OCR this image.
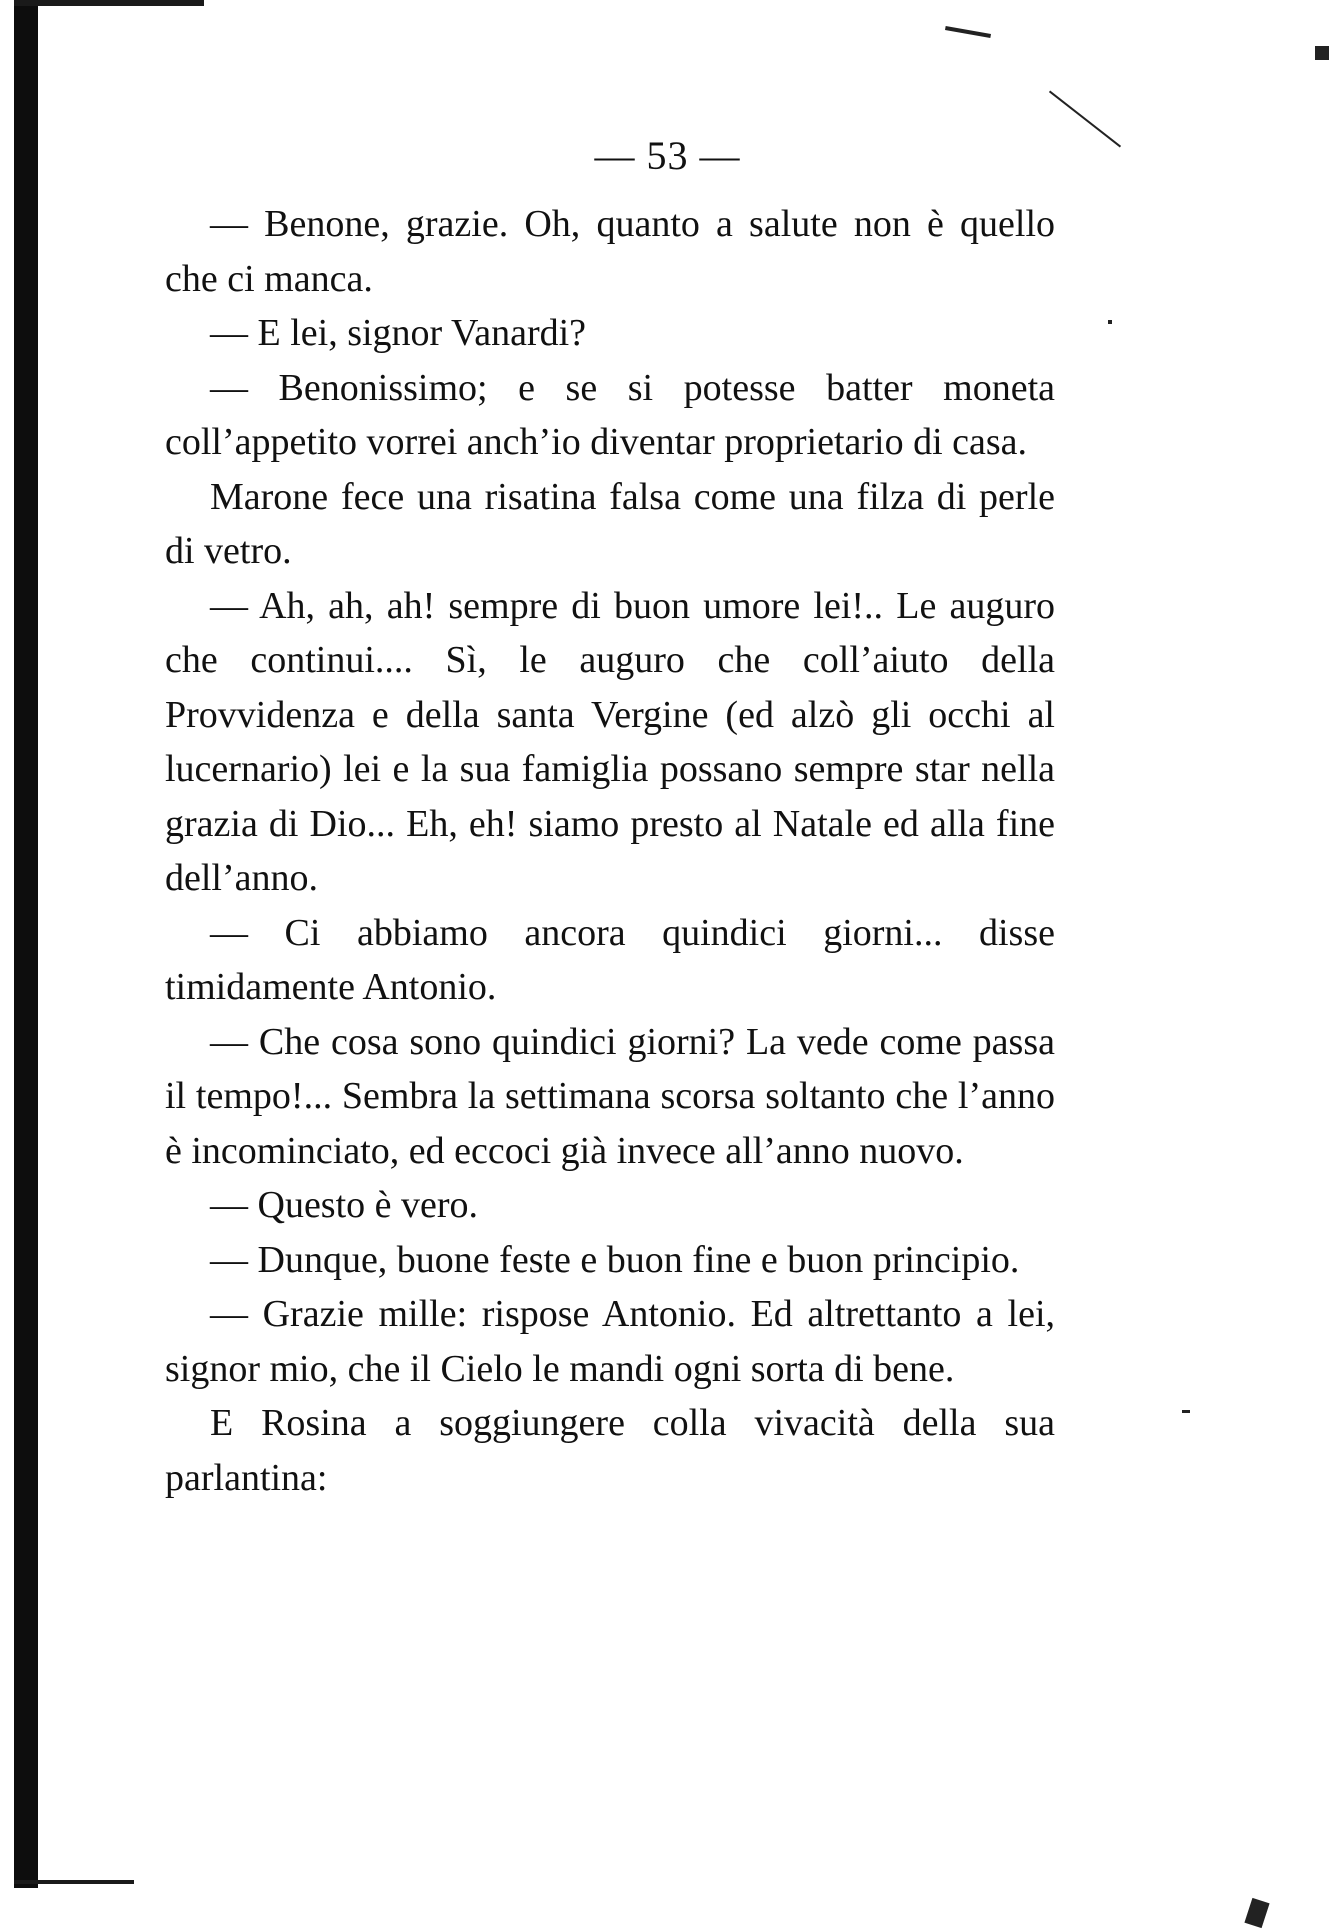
— 53 —

— Benone, grazie. Oh, quanto a salute non è quello che ci manca.

— E lei, signor Vanardi?

— Benonissimo; e se si potesse batter moneta coll’appetito vorrei anch’io diventar proprietario di casa.

Marone fece una risatina falsa come una filza di perle di vetro.

— Ah, ah, ah! sempre di buon umore lei!.. Le auguro che continui.... Sì, le auguro che coll’aiuto della Provvidenza e della santa Vergine (ed alzò gli occhi al lucernario) lei e la sua famiglia possano sempre star nella grazia di Dio... Eh, eh! siamo presto al Natale ed alla fine dell’anno.

— Ci abbiamo ancora quindici giorni... disse timidamente Antonio.

— Che cosa sono quindici giorni? La vede come passa il tempo!... Sembra la settimana scorsa soltanto che l’anno è incominciato, ed eccoci già invece all’anno nuovo.

— Questo è vero.

— Dunque, buone feste e buon fine e buon principio.

— Grazie mille: rispose Antonio. Ed altrettanto a lei, signor mio, che il Cielo le mandi ogni sorta di bene.

E Rosina a soggiungere colla vivacità della sua parlantina:
